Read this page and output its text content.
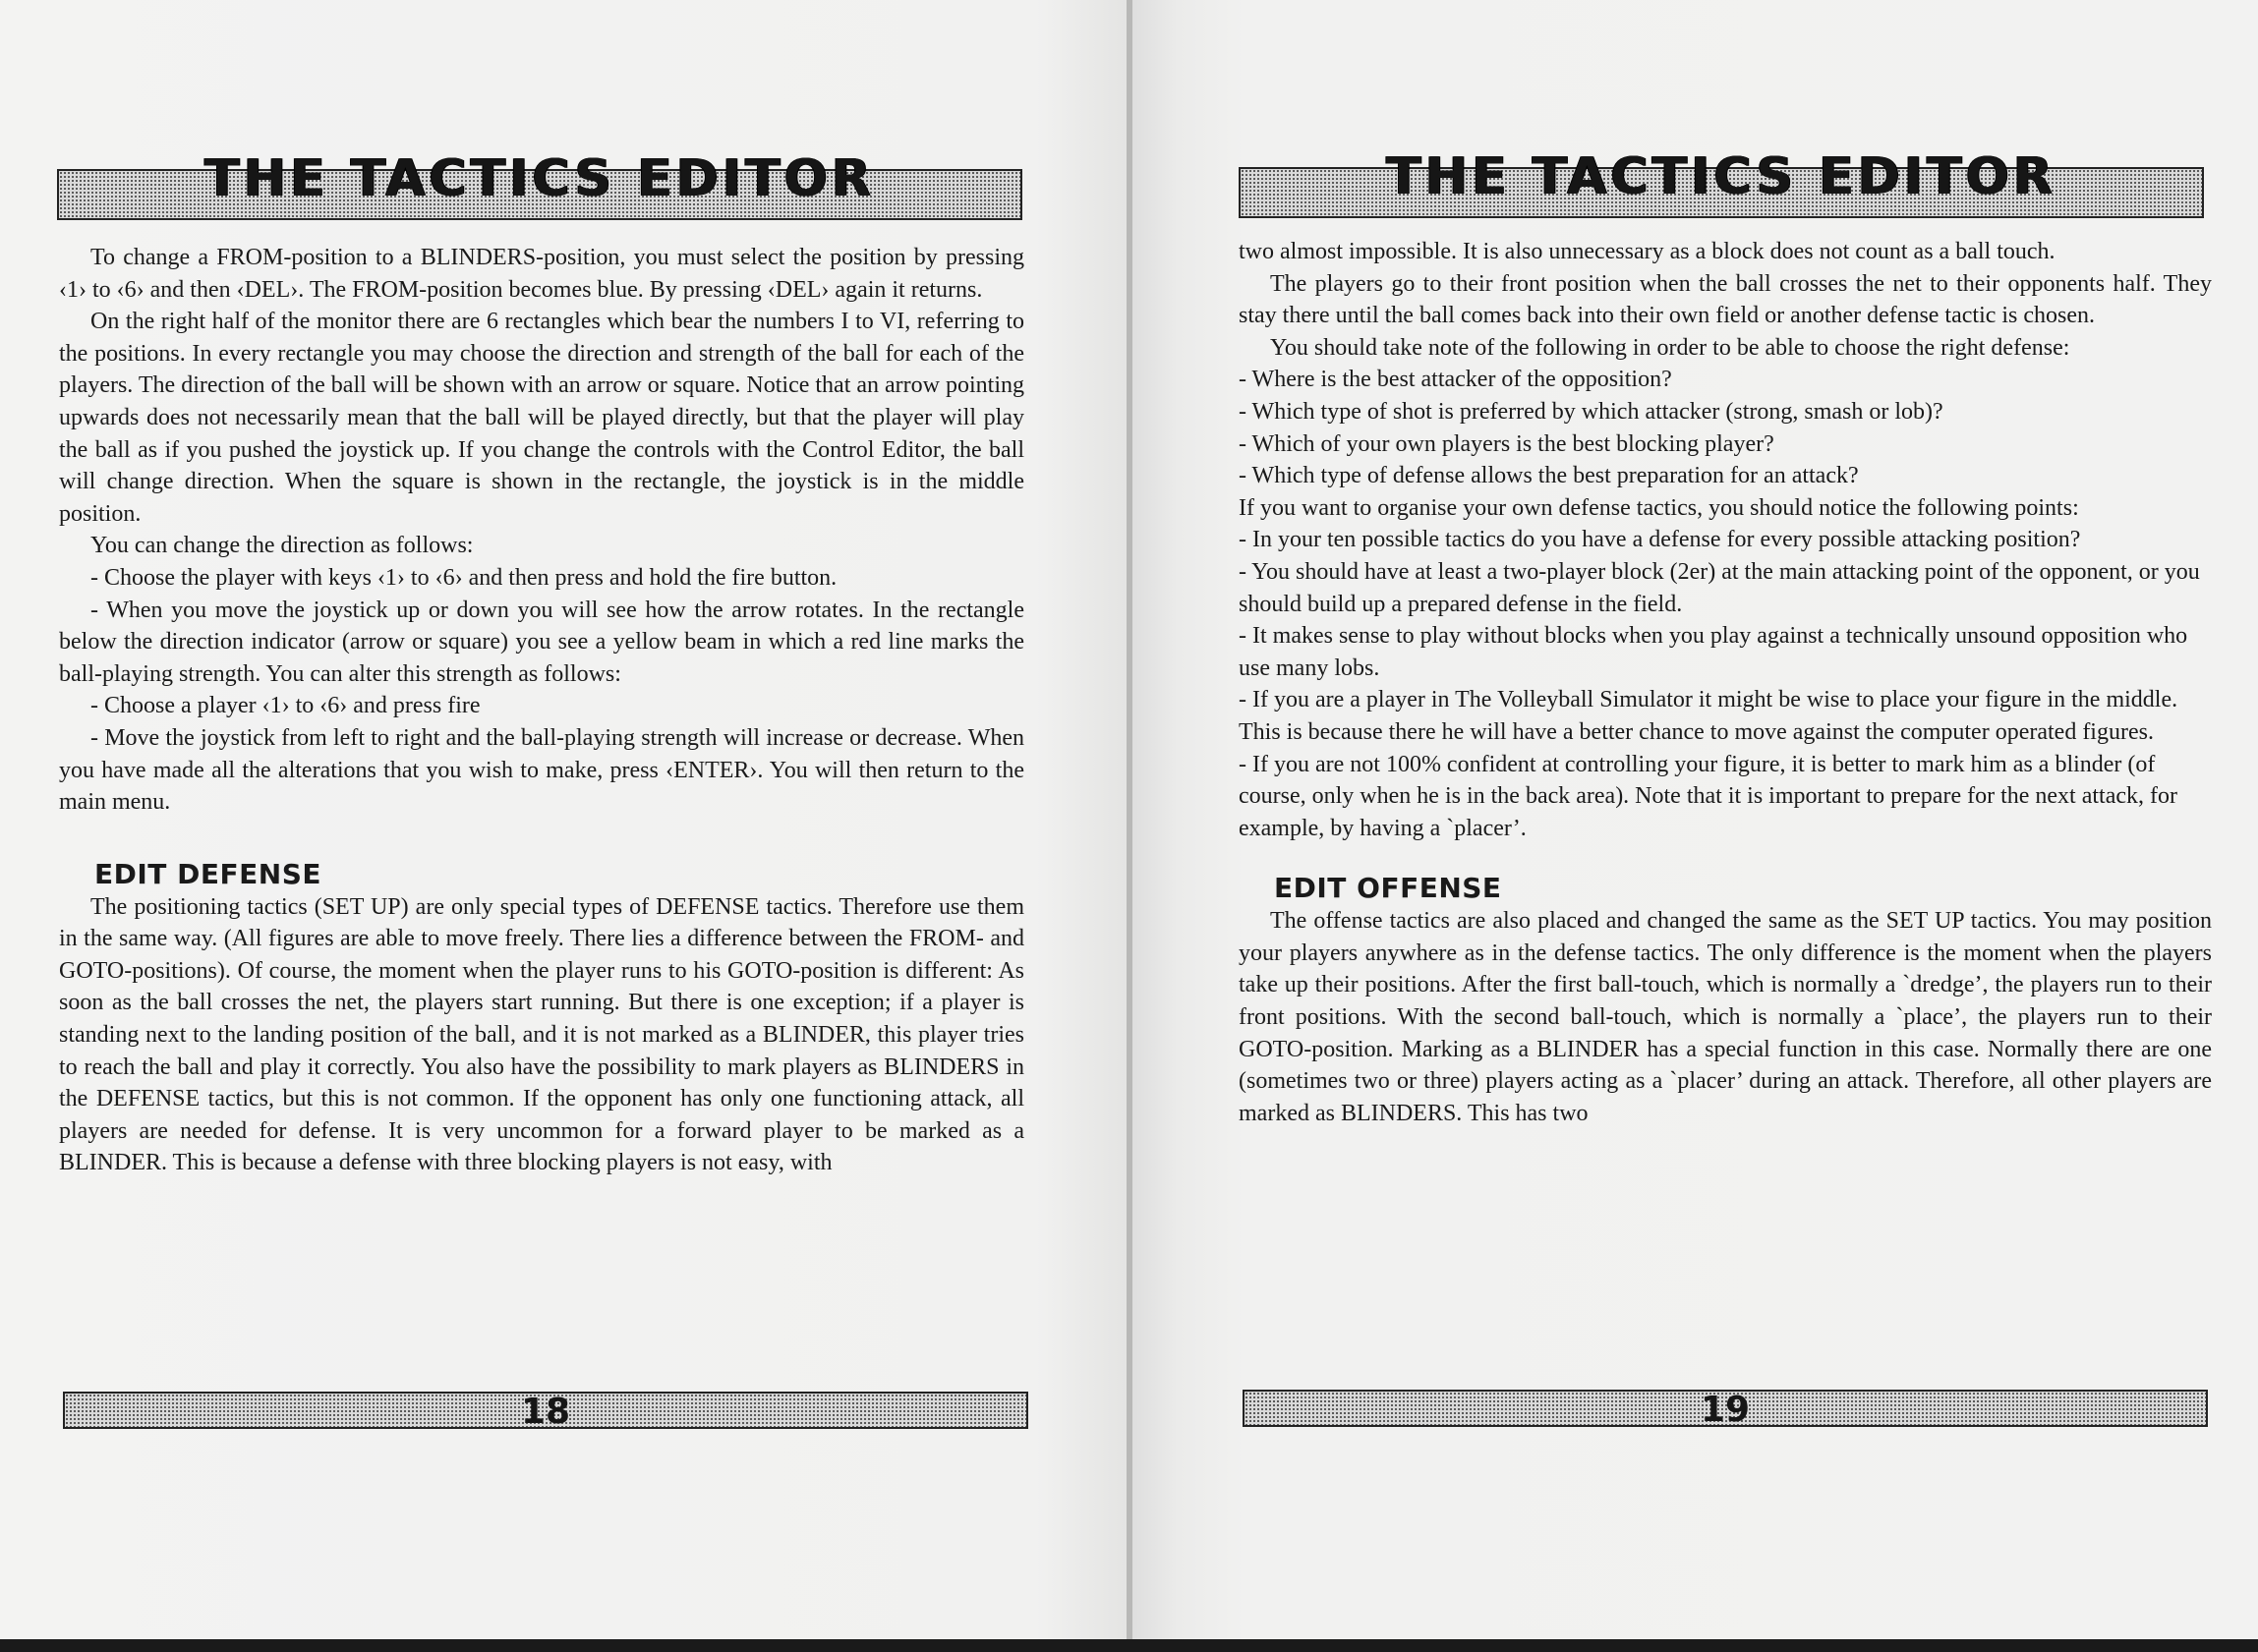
THE TACTICS EDITOR

To change a FROM-position to a BLINDERS-position, you must select the position by pressing ‹1› to ‹6› and then ‹DEL›. The FROM-position becomes blue. By pressing ‹DEL› again it returns.

On the right half of the monitor there are 6 rectangles which bear the numbers I to VI, referring to the positions. In every rectangle you may choose the direction and strength of the ball for each of the players. The direction of the ball will be shown with an arrow or square. Notice that an arrow pointing upwards does not necessarily mean that the ball will be played directly, but that the player will play the ball as if you pushed the joystick up. If you change the controls with the Control Editor, the ball will change direction. When the square is shown in the rectangle, the joystick is in the middle position.

You can change the direction as follows:

- Choose the player with keys ‹1› to ‹6› and then press and hold the fire button.

- When you move the joystick up or down you will see how the arrow rotates. In the rectangle below the direction indicator (arrow or square) you see a yellow beam in which a red line marks the ball-playing strength. You can alter this strength as follows:

- Choose a player ‹1› to ‹6› and press fire

- Move the joystick from left to right and the ball-playing strength will increase or decrease. When you have made all the alterations that you wish to make, press ‹ENTER›. You will then return to the main menu.

EDIT DEFENSE

The positioning tactics (SET UP) are only special types of DEFENSE tactics. Therefore use them in the same way. (All figures are able to move freely. There lies a difference between the FROM- and GOTO-positions). Of course, the moment when the player runs to his GOTO-position is different: As soon as the ball crosses the net, the players start running. But there is one exception; if a player is standing next to the landing position of the ball, and it is not marked as a BLINDER, this player tries to reach the ball and play it correctly. You also have the possibility to mark players as BLINDERS in the DEFENSE tactics, but this is not common. If the opponent has only one functioning attack, all players are needed for defense. It is very uncommon for a forward player to be marked as a BLINDER. This is because a defense with three blocking players is not easy, with

18
THE TACTICS EDITOR

two almost impossible. It is also unnecessary as a block does not count as a ball touch.

The players go to their front position when the ball crosses the net to their opponents half. They stay there until the ball comes back into their own field or another defense tactic is chosen.

You should take note of the following in order to be able to choose the right defense:

- Where is the best attacker of the opposition?

- Which type of shot is preferred by which attacker (strong, smash or lob)?

- Which of your own players is the best blocking player?

- Which type of defense allows the best preparation for an attack?

If you want to organise your own defense tactics, you should notice the following points:

- In your ten possible tactics do you have a defense for every possible attacking position?

- You should have at least a two-player block (2er) at the main attacking point of the opponent, or you should build up a prepared defense in the field.

- It makes sense to play without blocks when you play against a technically unsound opposition who use many lobs.

- If you are a player in The Volleyball Simulator it might be wise to place your figure in the middle. This is because there he will have a better chance to move against the computer operated figures.

- If you are not 100% confident at controlling your figure, it is better to mark him as a blinder (of course, only when he is in the back area). Note that it is important to prepare for the next attack, for example, by having a `placer’.

EDIT OFFENSE

The offense tactics are also placed and changed the same as the SET UP tactics. You may position your players anywhere as in the defense tactics. The only difference is the moment when the players take up their positions. After the first ball-touch, which is normally a `dredge’, the players run to their front positions. With the second ball-touch, which is normally a `place’, the players run to their GOTO-position. Marking as a BLINDER has a special function in this case. Normally there are one (sometimes two or three) players acting as a `placer’ during an attack. Therefore, all other players are marked as BLINDERS. This has two

19
